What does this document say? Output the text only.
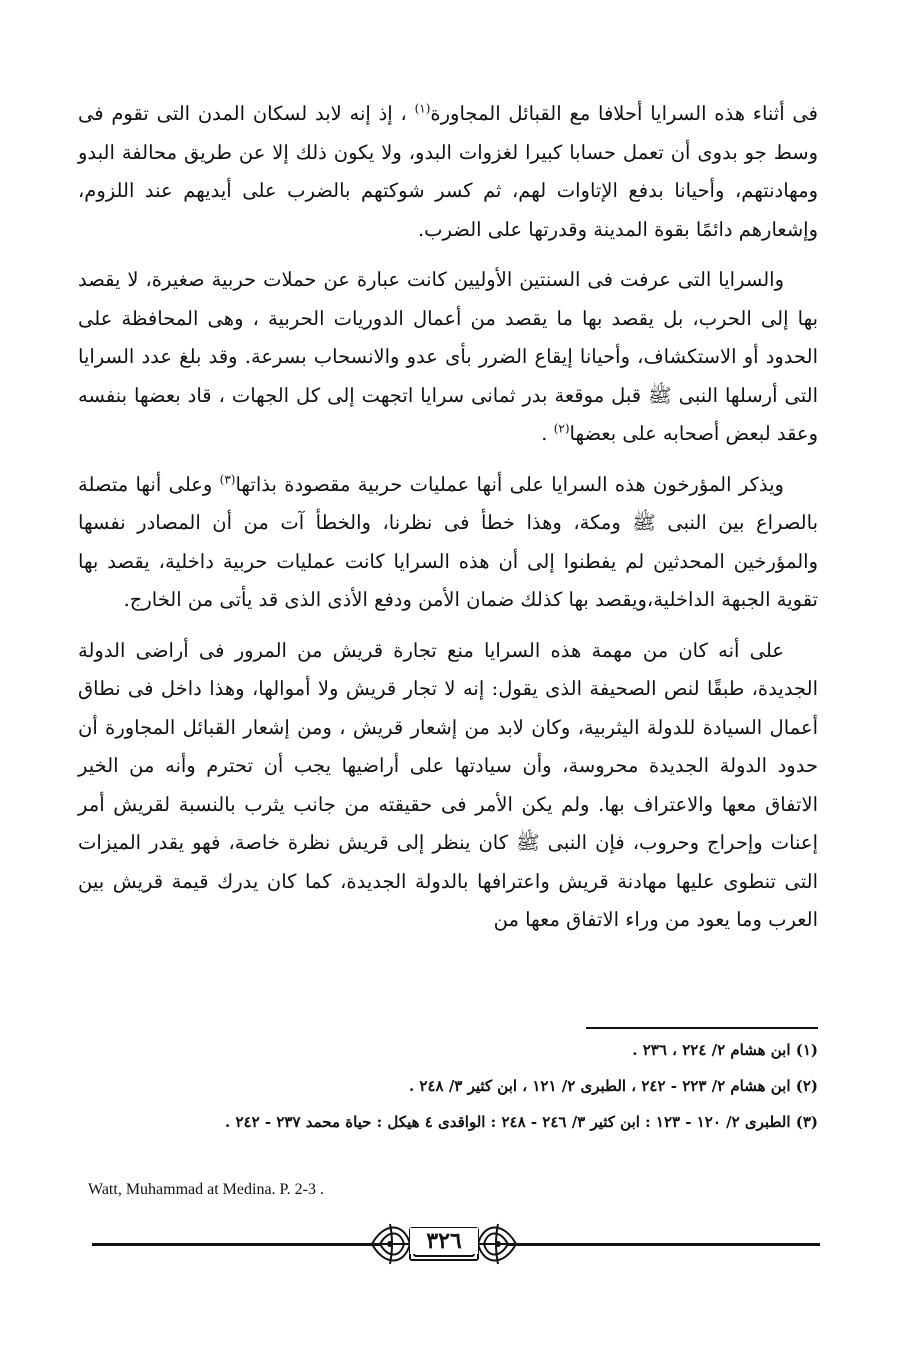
فى أثناء هذه السرايا أحلافا مع القبائل المجاورة$^{(١)}$ ، إذ إنه لابد لسكان المدن التى تقوم فى وسط جو بدوى أن تعمل حسابا كبيرا لغزوات البدو، ولا يكون ذلك إلا عن طريق محالفة البدو ومهادنتهم، وأحيانا بدفع الإتاوات لهم، ثم كسر شوكتهم بالضرب على أيديهم عند اللزوم، وإشعارهم دائمًا بقوة المدينة وقدرتها على الضرب.

والسرايا التى عرفت فى السنتين الأوليين كانت عبارة عن حملات حربية صغيرة، لا يقصد بها إلى الحرب، بل يقصد بها ما يقصد من أعمال الدوريات الحربية ، وهى المحافظة على الحدود أو الاستكشاف، وأحيانا إيقاع الضرر بأى عدو والانسحاب بسرعة. وقد بلغ عدد السرايا التى أرسلها النبى ﷺ قبل موقعة بدر ثمانى سرايا اتجهت إلى كل الجهات ، قاد بعضها بنفسه وعقد لبعض أصحابه على بعضها$^{(٢)}$ .

ويذكر المؤرخون هذه السرايا على أنها عمليات حربية مقصودة بذاتها$^{(٣)}$ وعلى أنها متصلة بالصراع بين النبى ﷺ ومكة، وهذا خطأ فى نظرنا، والخطأ آت من أن المصادر نفسها والمؤرخين المحدثين لم يفطنوا إلى أن هذه السرايا كانت عمليات حربية داخلية، يقصد بها تقوية الجبهة الداخلية،ويقصد بها كذلك ضمان الأمن ودفع الأذى الذى قد يأتى من الخارج.

على أنه كان من مهمة هذه السرايا منع تجارة قريش من المرور فى أراضى الدولة الجديدة، طبقًا لنص الصحيفة الذى يقول: إنه لا تجار قريش ولا أموالها، وهذا داخل فى نطاق أعمال السيادة للدولة اليثربية، وكان لابد من إشعار قريش ، ومن إشعار القبائل المجاورة أن حدود الدولة الجديدة محروسة، وأن سيادتها على أراضيها يجب أن تحترم وأنه من الخير الاتفاق معها والاعتراف بها. ولم يكن الأمر فى حقيقته من جانب يثرب بالنسبة لقريش أمر إعنات وإحراج وحروب، فإن النبى ﷺ كان ينظر إلى قريش نظرة خاصة، فهو يقدر الميزات التى تنطوى عليها مهادنة قريش واعترافها بالدولة الجديدة، كما كان يدرك قيمة قريش بين العرب وما يعود من وراء الاتفاق معها من

(١) ابن هشام ٢/ ٢٢٤ ، ٢٣٦ .
(٢) ابن هشام ٢/ ٢٢٣ - ٢٤٢ ، الطبرى ٢/ ١٢١ ، ابن كثير ٣/ ٢٤٨ .
(٣) الطبرى ٢/ ١٢٠ - ١٢٣ : ابن كثير ٣/ ٢٤٦ - ٢٤٨ : الواقدى ٤ هيكل : حياة محمد ٢٣٧ - ٢٤٢ .
Watt, Muhammad at Medina. P. 2-3 .
٣٢٦
